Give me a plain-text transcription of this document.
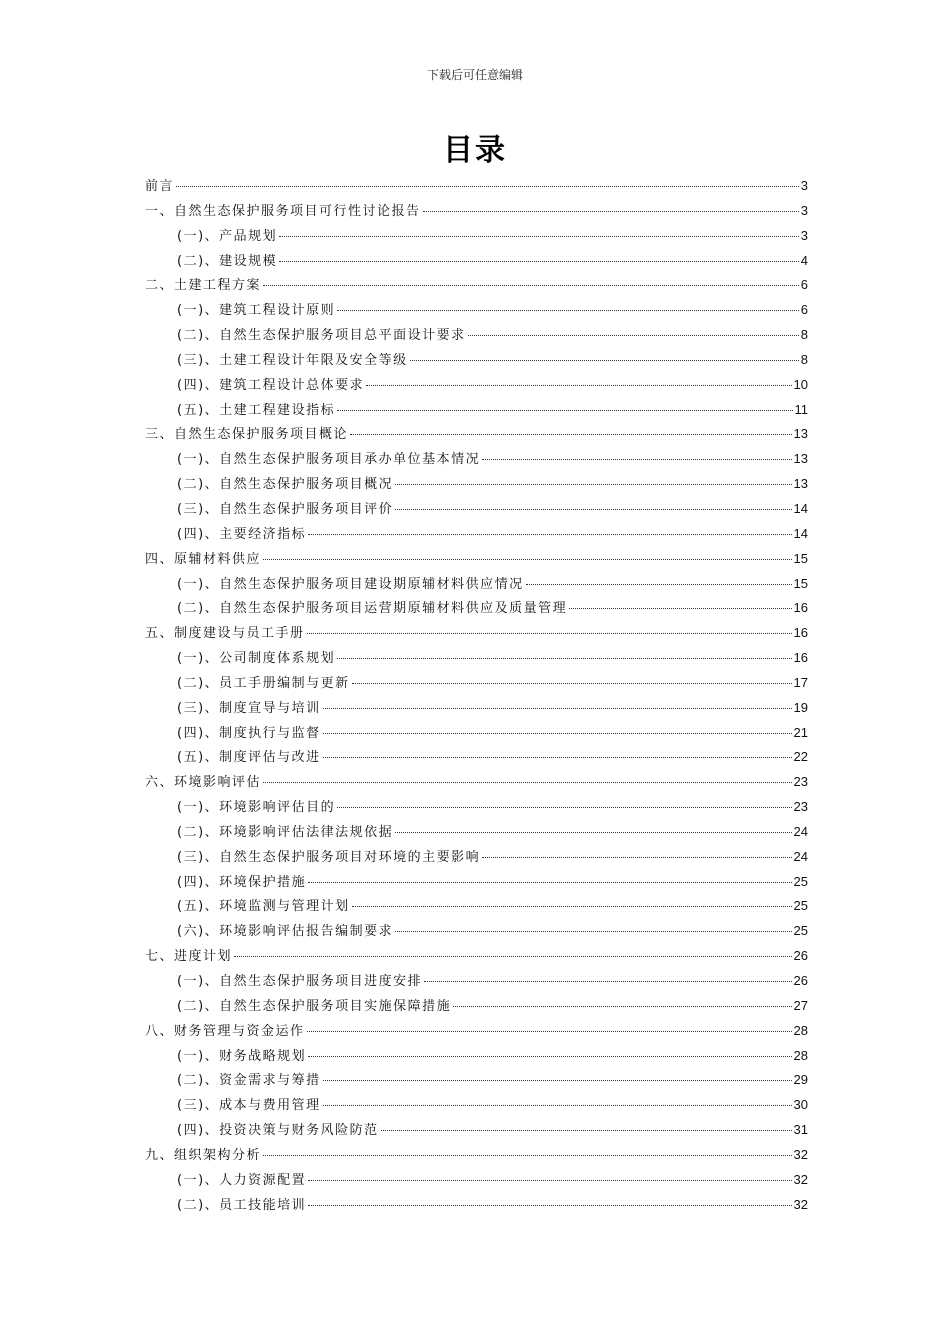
下载后可任意编辑
目录
前言	3
一、自然生态保护服务项目可行性讨论报告	3
(一)、产品规划	3
(二)、建设规模	4
二、土建工程方案	6
(一)、建筑工程设计原则	6
(二)、自然生态保护服务项目总平面设计要求	8
(三)、土建工程设计年限及安全等级	8
(四)、建筑工程设计总体要求	10
(五)、土建工程建设指标	11
三、自然生态保护服务项目概论	13
(一)、自然生态保护服务项目承办单位基本情况	13
(二)、自然生态保护服务项目概况	13
(三)、自然生态保护服务项目评价	14
(四)、主要经济指标	14
四、原辅材料供应	15
(一)、自然生态保护服务项目建设期原辅材料供应情况	15
(二)、自然生态保护服务项目运营期原辅材料供应及质量管理	16
五、制度建设与员工手册	16
(一)、公司制度体系规划	16
(二)、员工手册编制与更新	17
(三)、制度宣导与培训	19
(四)、制度执行与监督	21
(五)、制度评估与改进	22
六、环境影响评估	23
(一)、环境影响评估目的	23
(二)、环境影响评估法律法规依据	24
(三)、自然生态保护服务项目对环境的主要影响	24
(四)、环境保护措施	25
(五)、环境监测与管理计划	25
(六)、环境影响评估报告编制要求	25
七、进度计划	26
(一)、自然生态保护服务项目进度安排	26
(二)、自然生态保护服务项目实施保障措施	27
八、财务管理与资金运作	28
(一)、财务战略规划	28
(二)、资金需求与筹措	29
(三)、成本与费用管理	30
(四)、投资决策与财务风险防范	31
九、组织架构分析	32
(一)、人力资源配置	32
(二)、员工技能培训	32
